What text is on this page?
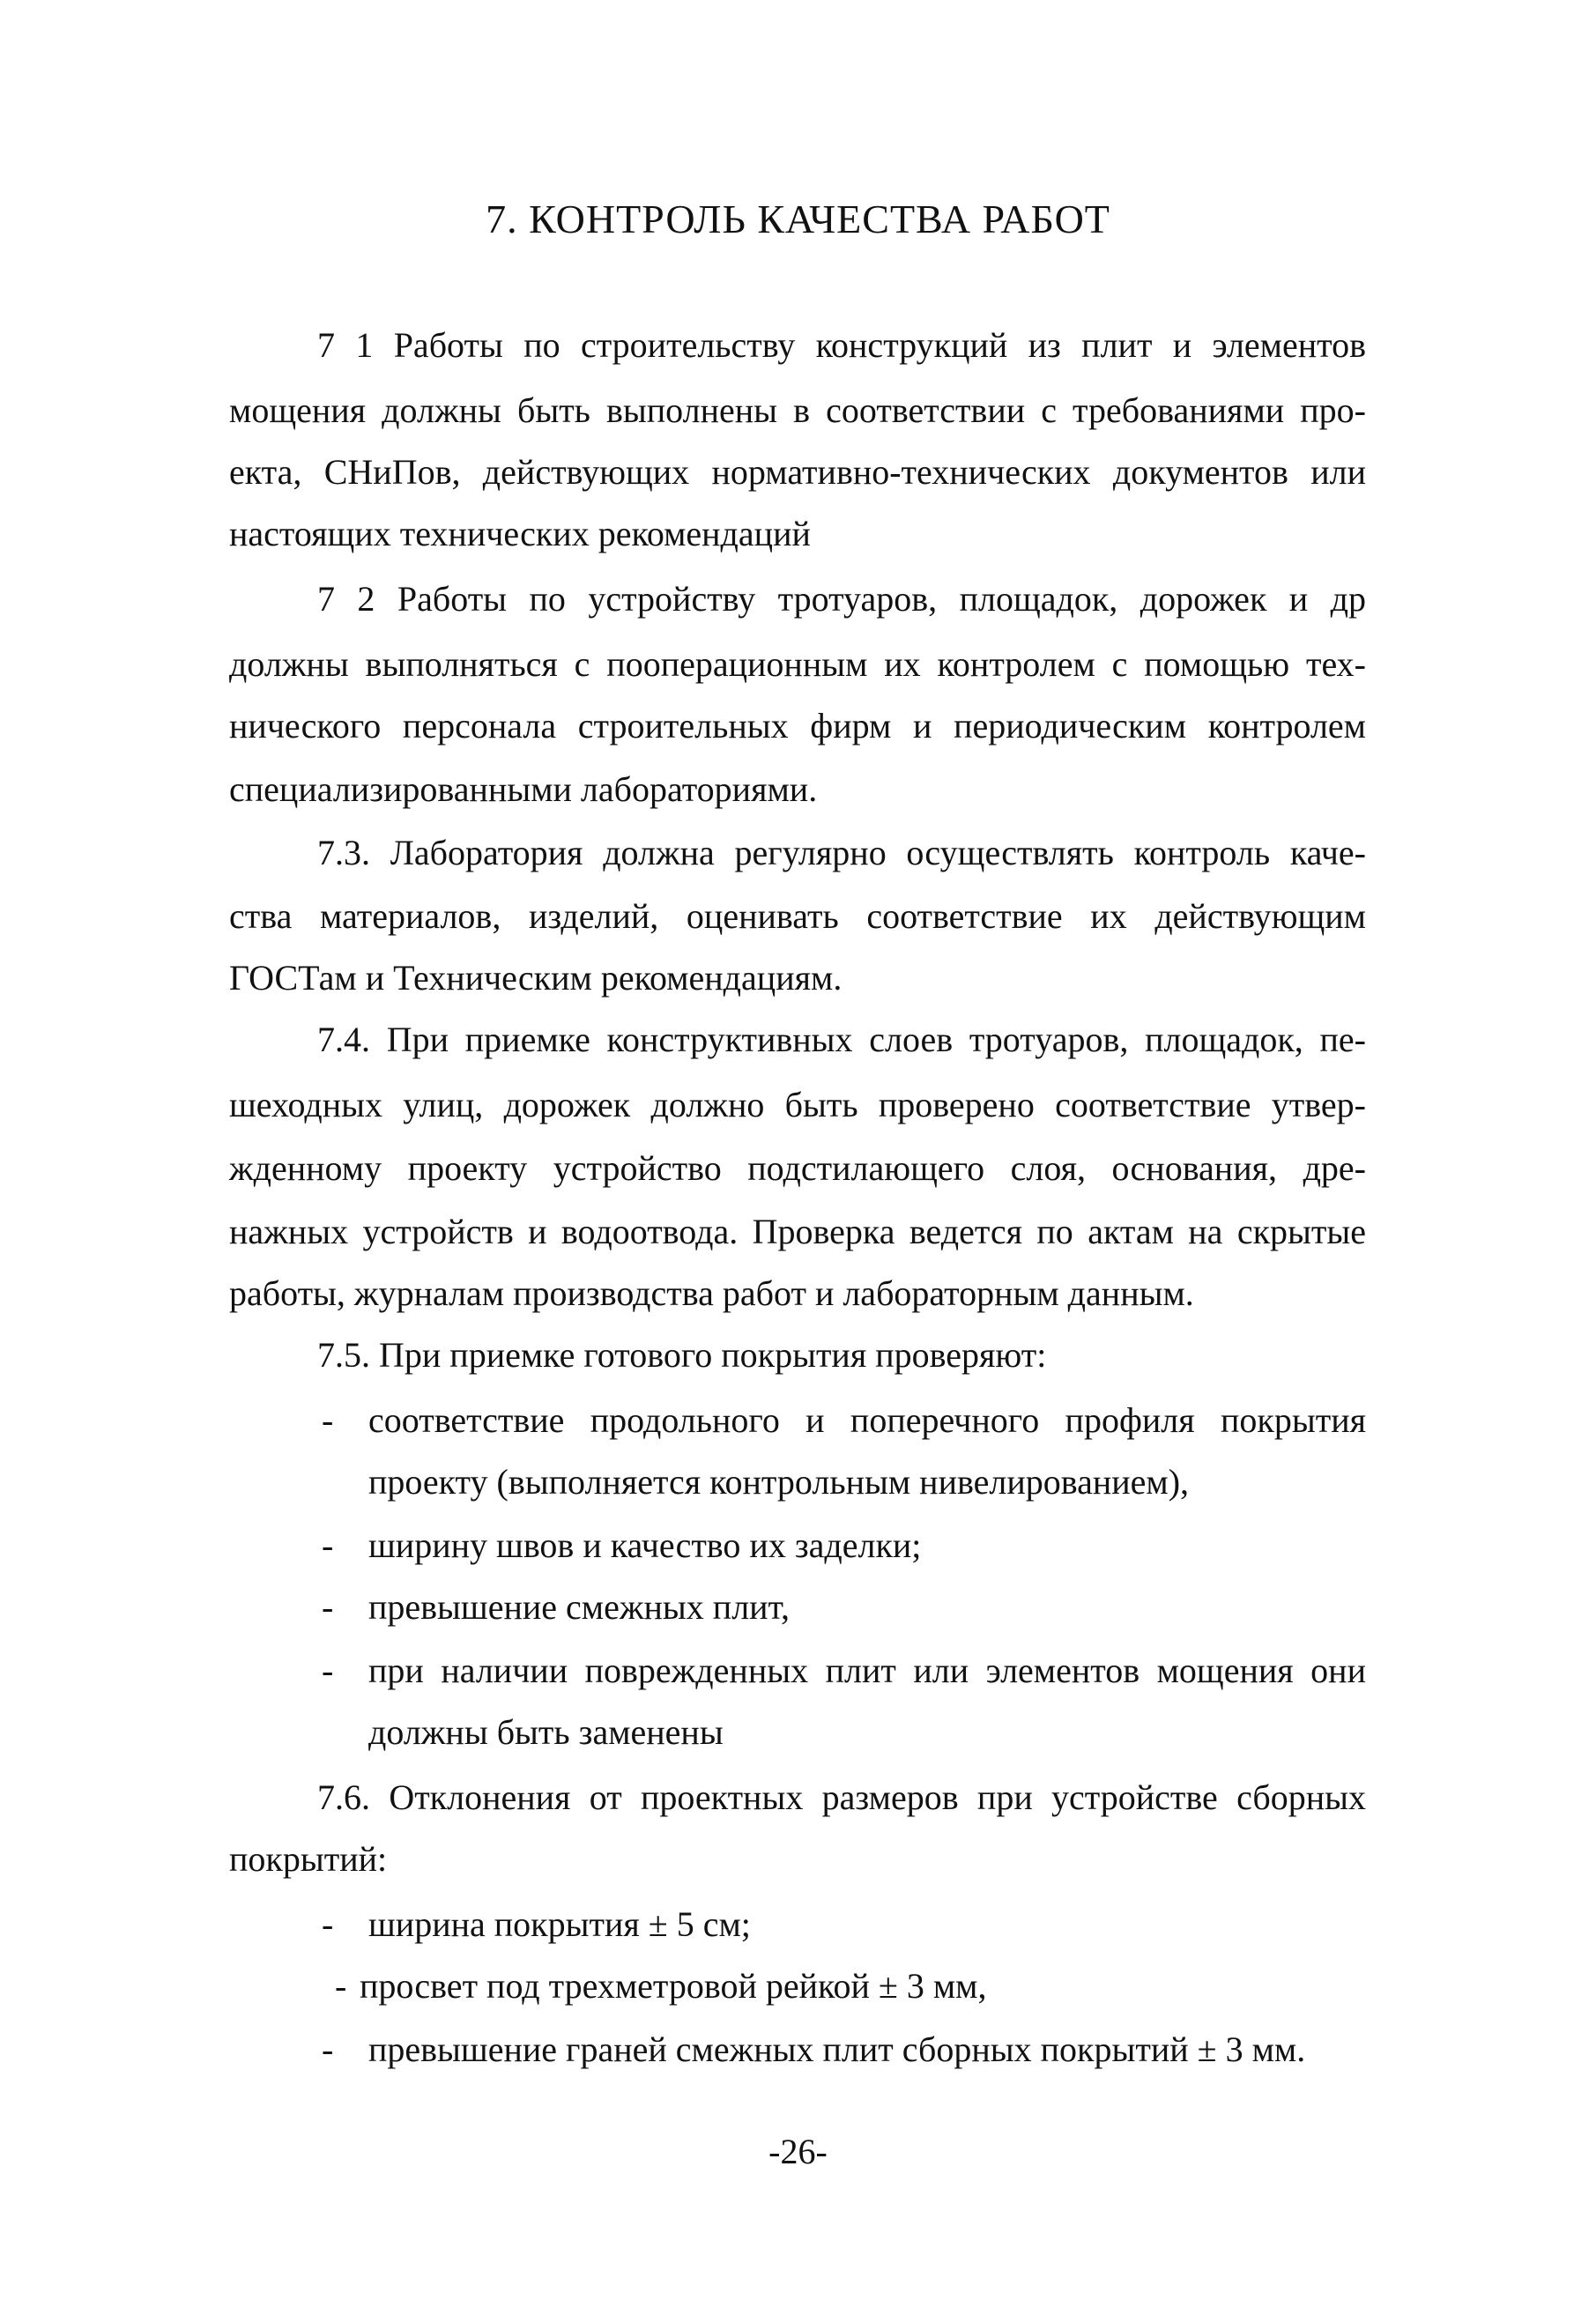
7. КОНТРОЛЬ КАЧЕСТВА РАБОТ
7 1 Работы по строительству конструкций из плит и элементов
мощения должны быть выполнены в соответствии с требованиями про-
екта, СНиПов, действующих нормативно-технических документов или
настоящих технических рекомендаций
7 2 Работы по устройству тротуаров, площадок, дорожек и др
должны выполняться с пооперационным их контролем с помощью тех-
нического персонала строительных фирм и периодическим контролем
специализированными лабораториями.
7.3. Лаборатория должна регулярно осуществлять контроль каче-
ства материалов, изделий, оценивать соответствие их действующим
ГОСТам и Техническим рекомендациям.
7.4. При приемке конструктивных слоев тротуаров, площадок, пе-
шеходных улиц, дорожек должно быть проверено соответствие утвер-
жденному проекту устройство подстилающего слоя, основания, дре-
нажных устройств и водоотвода. Проверка ведется по актам на скрытые
работы, журналам производства работ и лабораторным данным.
7.5. При приемке готового покрытия проверяют:
- соответствие продольного и поперечного профиля покрытия
проекту (выполняется контрольным нивелированием),
- ширину швов и качество их заделки;
- превышение смежных плит,
- при наличии поврежденных плит или элементов мощения они
должны быть заменены
7.6. Отклонения от проектных размеров при устройстве сборных
покрытий:
- ширина покрытия ± 5 см;
- просвет под трехметровой рейкой ± 3 мм,
- превышение граней смежных плит сборных покрытий ± 3 мм.
-26-
